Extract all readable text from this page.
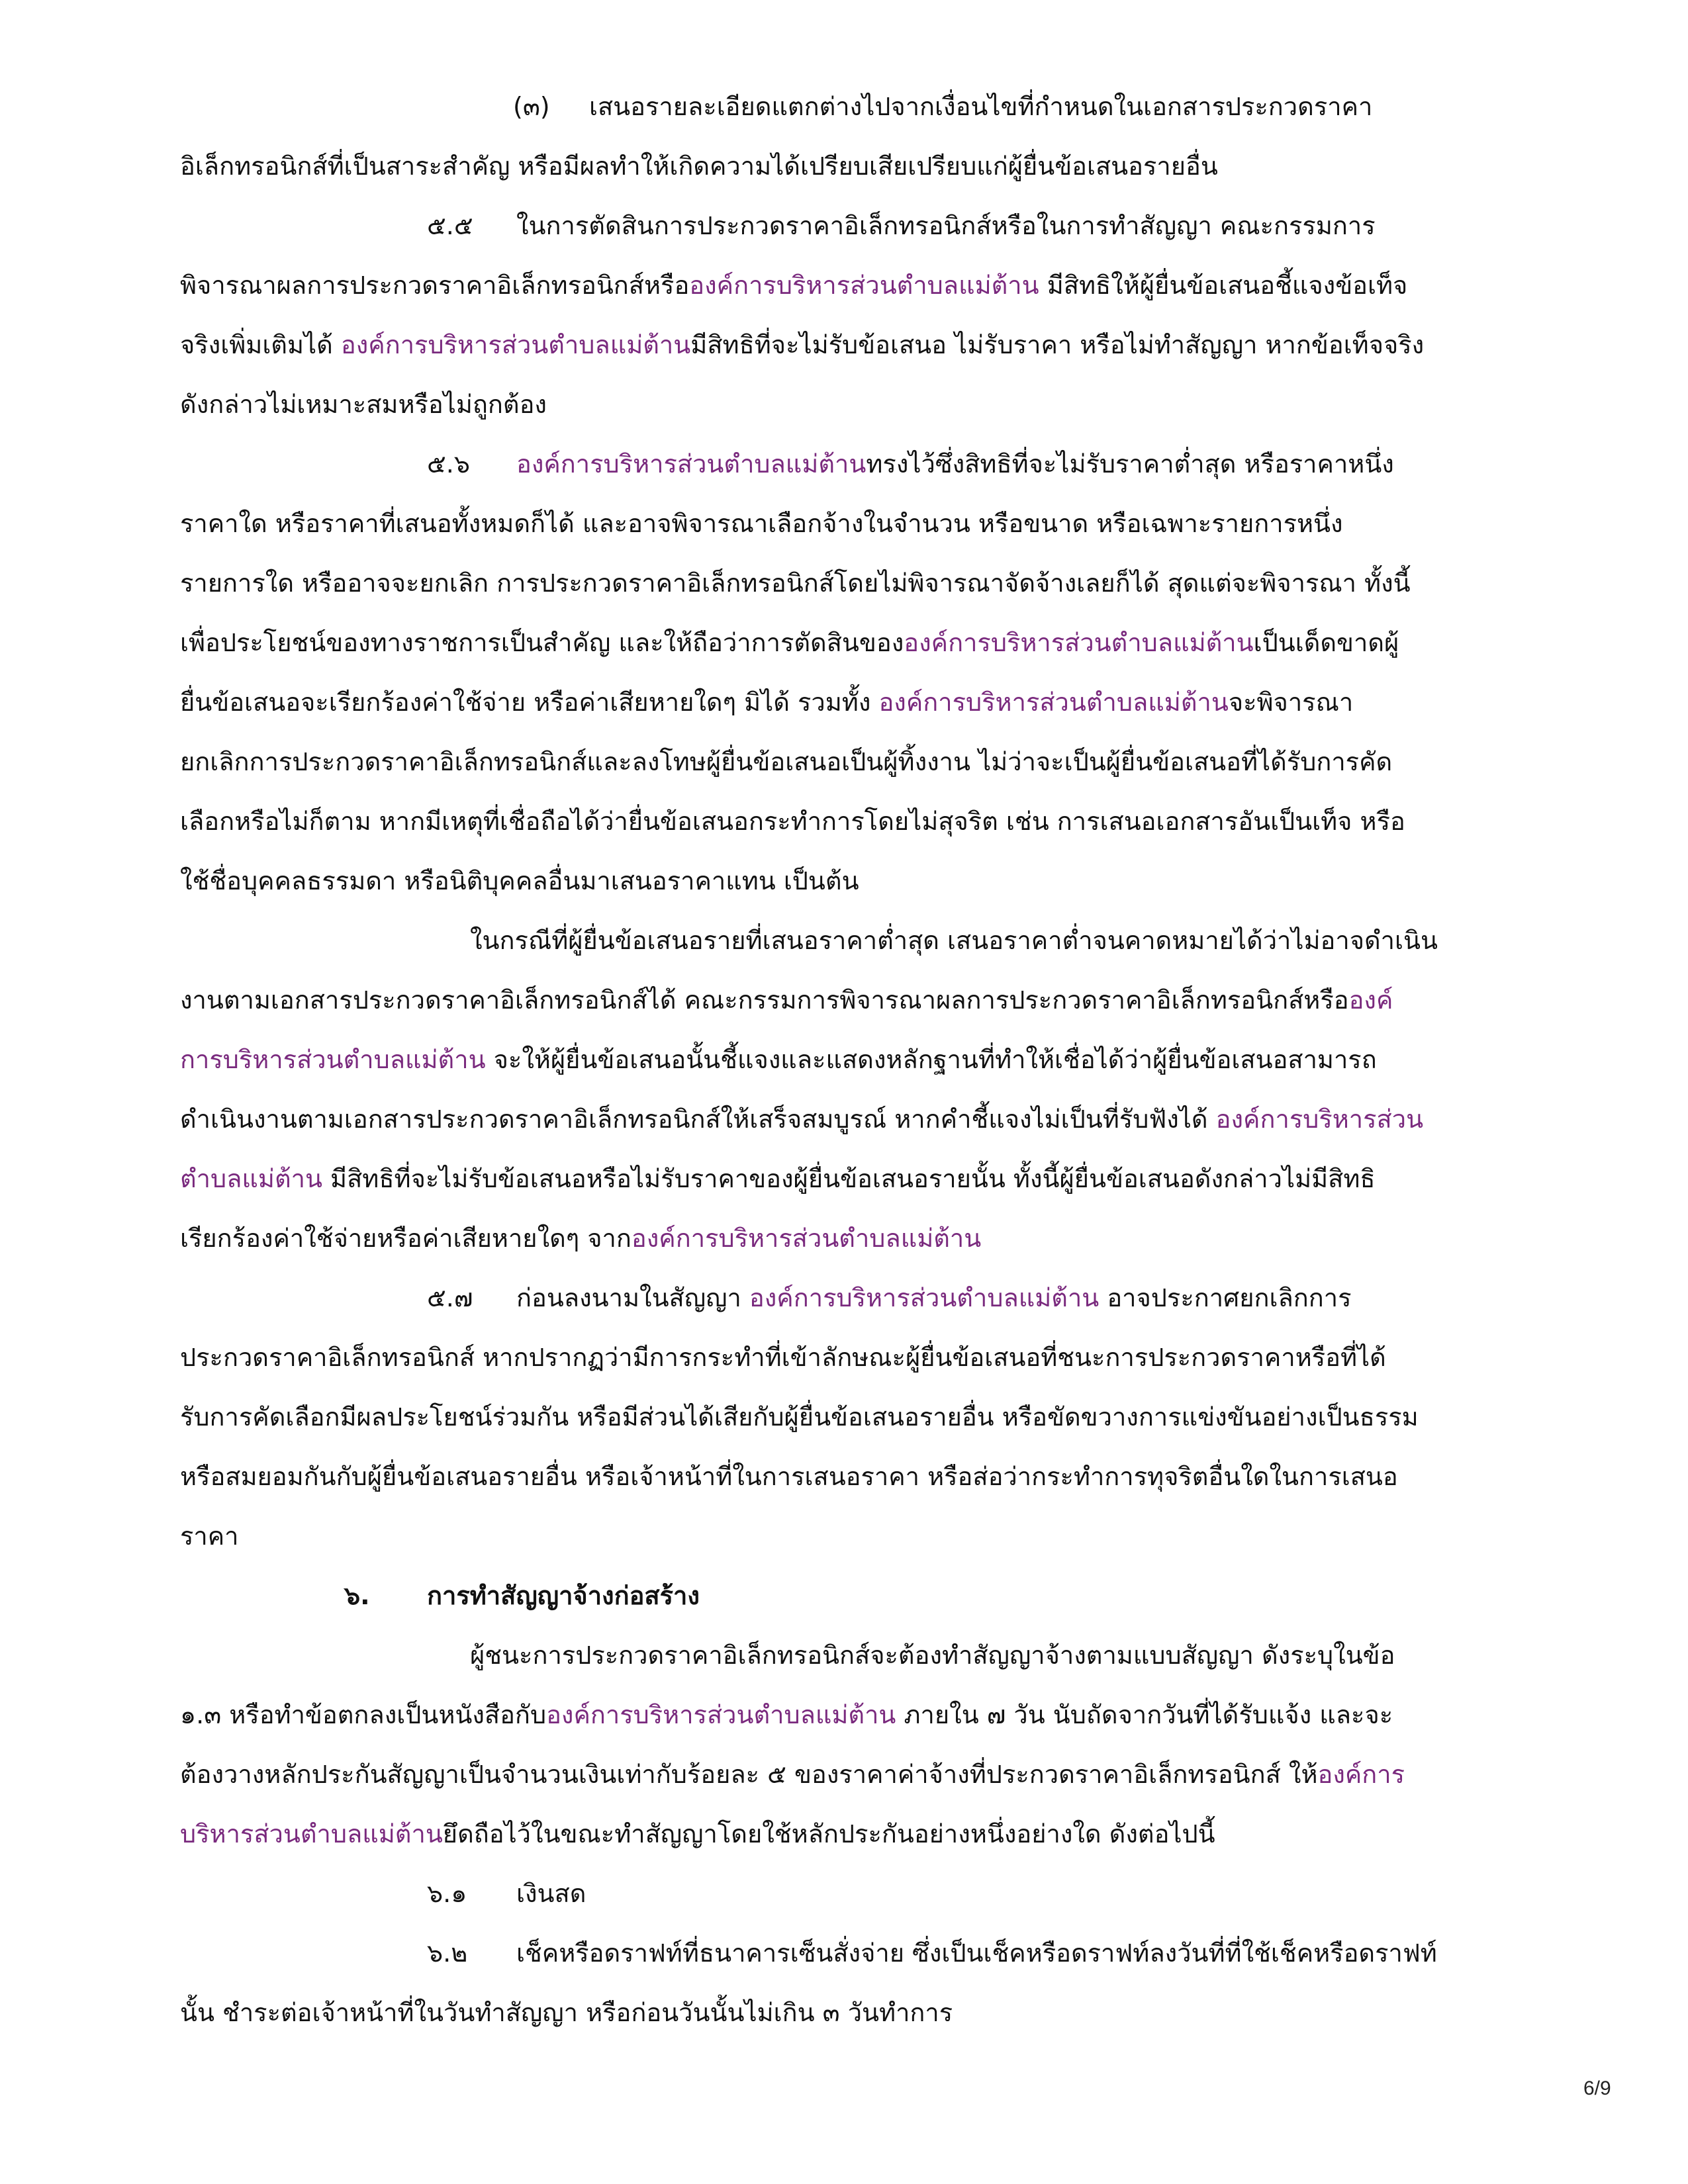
(๓) เสนอรายละเอียดแตกต่างไปจากเงื่อนไขที่กำหนดในเอกสารประกวดราคา

อิเล็กทรอนิกส์ที่เป็นสาระสำคัญ หรือมีผลทำให้เกิดความได้เปรียบเสียเปรียบแก่ผู้ยื่นข้อเสนอรายอื่น

๕.๕ ในการตัดสินการประกวดราคาอิเล็กทรอนิกส์หรือในการทำสัญญา คณะกรรมการ

พิจารณาผลการประกวดราคาอิเล็กทรอนิกส์หรือองค์การบริหารส่วนตำบลแม่ต้าน มีสิทธิให้ผู้ยื่นข้อเสนอชี้แจงข้อเท็จ

จริงเพิ่มเติมได้ องค์การบริหารส่วนตำบลแม่ต้านมีสิทธิที่จะไม่รับข้อเสนอ ไม่รับราคา หรือไม่ทำสัญญา หากข้อเท็จจริง

ดังกล่าวไม่เหมาะสมหรือไม่ถูกต้อง

๕.๖ องค์การบริหารส่วนตำบลแม่ต้านทรงไว้ซึ่งสิทธิที่จะไม่รับราคาต่ำสุด หรือราคาหนึ่ง

ราคาใด หรือราคาที่เสนอทั้งหมดก็ได้ และอาจพิจารณาเลือกจ้างในจำนวน หรือขนาด หรือเฉพาะรายการหนึ่ง

รายการใด หรืออาจจะยกเลิก การประกวดราคาอิเล็กทรอนิกส์โดยไม่พิจารณาจัดจ้างเลยก็ได้ สุดแต่จะพิจารณา ทั้งนี้

เพื่อประโยชน์ของทางราชการเป็นสำคัญ และให้ถือว่าการตัดสินขององค์การบริหารส่วนตำบลแม่ต้านเป็นเด็ดขาดผู้

ยื่นข้อเสนอจะเรียกร้องค่าใช้จ่าย หรือค่าเสียหายใดๆ มิได้ รวมทั้ง องค์การบริหารส่วนตำบลแม่ต้านจะพิจารณา

ยกเลิกการประกวดราคาอิเล็กทรอนิกส์และลงโทษผู้ยื่นข้อเสนอเป็นผู้ทิ้งงาน ไม่ว่าจะเป็นผู้ยื่นข้อเสนอที่ได้รับการคัด

เลือกหรือไม่ก็ตาม หากมีเหตุที่เชื่อถือได้ว่ายื่นข้อเสนอกระทำการโดยไม่สุจริต เช่น การเสนอเอกสารอันเป็นเท็จ หรือ

ใช้ชื่อบุคคลธรรมดา หรือนิติบุคคลอื่นมาเสนอราคาแทน เป็นต้น

ในกรณีที่ผู้ยื่นข้อเสนอรายที่เสนอราคาต่ำสุด เสนอราคาต่ำจนคาดหมายได้ว่าไม่อาจดำเนิน

งานตามเอกสารประกวดราคาอิเล็กทรอนิกส์ได้ คณะกรรมการพิจารณาผลการประกวดราคาอิเล็กทรอนิกส์หรือองค์

การบริหารส่วนตำบลแม่ต้าน จะให้ผู้ยื่นข้อเสนอนั้นชี้แจงและแสดงหลักฐานที่ทำให้เชื่อได้ว่าผู้ยื่นข้อเสนอสามารถ

ดำเนินงานตามเอกสารประกวดราคาอิเล็กทรอนิกส์ให้เสร็จสมบูรณ์ หากคำชี้แจงไม่เป็นที่รับฟังได้ องค์การบริหารส่วน

ตำบลแม่ต้าน มีสิทธิที่จะไม่รับข้อเสนอหรือไม่รับราคาของผู้ยื่นข้อเสนอรายนั้น ทั้งนี้ผู้ยื่นข้อเสนอดังกล่าวไม่มีสิทธิ

เรียกร้องค่าใช้จ่ายหรือค่าเสียหายใดๆ จากองค์การบริหารส่วนตำบลแม่ต้าน

๕.๗ ก่อนลงนามในสัญญา องค์การบริหารส่วนตำบลแม่ต้าน อาจประกาศยกเลิกการ

ประกวดราคาอิเล็กทรอนิกส์ หากปรากฏว่ามีการกระทำที่เข้าลักษณะผู้ยื่นข้อเสนอที่ชนะการประกวดราคาหรือที่ได้

รับการคัดเลือกมีผลประโยชน์ร่วมกัน หรือมีส่วนได้เสียกับผู้ยื่นข้อเสนอรายอื่น หรือขัดขวางการแข่งขันอย่างเป็นธรรม

หรือสมยอมกันกับผู้ยื่นข้อเสนอรายอื่น หรือเจ้าหน้าที่ในการเสนอราคา หรือส่อว่ากระทำการทุจริตอื่นใดในการเสนอ

ราคา

๖. การทำสัญญาจ้างก่อสร้าง

ผู้ชนะการประกวดราคาอิเล็กทรอนิกส์จะต้องทำสัญญาจ้างตามแบบสัญญา ดังระบุในข้อ

๑.๓ หรือทำข้อตกลงเป็นหนังสือกับองค์การบริหารส่วนตำบลแม่ต้าน ภายใน ๗ วัน นับถัดจากวันที่ได้รับแจ้ง และจะ

ต้องวางหลักประกันสัญญาเป็นจำนวนเงินเท่ากับร้อยละ ๕ ของราคาค่าจ้างที่ประกวดราคาอิเล็กทรอนิกส์ ให้องค์การ

บริหารส่วนตำบลแม่ต้านยึดถือไว้ในขณะทำสัญญาโดยใช้หลักประกันอย่างหนึ่งอย่างใด ดังต่อไปนี้

๖.๑ เงินสด

๖.๒ เช็คหรือดราฟท์ที่ธนาคารเซ็นสั่งจ่าย ซึ่งเป็นเช็คหรือดราฟท์ลงวันที่ที่ใช้เช็คหรือดราฟท์

นั้น ชำระต่อเจ้าหน้าที่ในวันทำสัญญา หรือก่อนวันนั้นไม่เกิน ๓ วันทำการ

6/9
